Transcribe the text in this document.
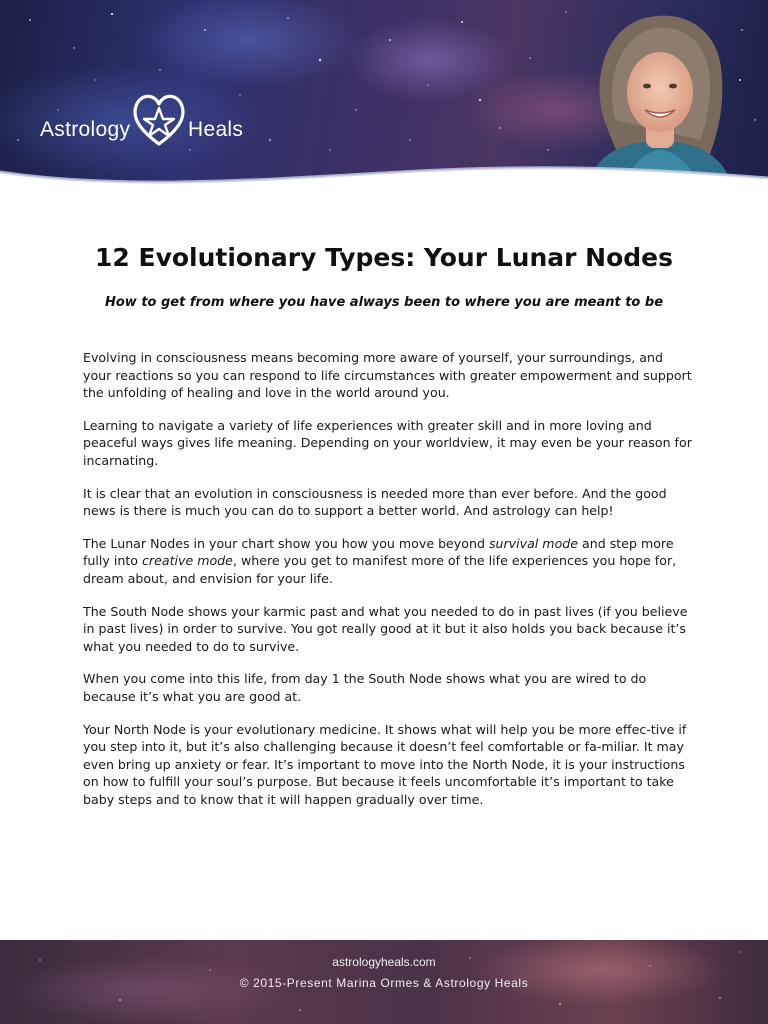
Astrology	Heals
12 Evolutionary Types: Your Lunar Nodes

How to get from where you have always been to where you are meant to be

Evolving in consciousness means becoming more aware of yourself, your surroundings, and your reactions so you can respond to life circumstances with greater empowerment and support the unfolding of healing and love in the world around you.

Learning to navigate a variety of life experiences with greater skill and in more loving and peaceful ways gives life meaning. Depending on your worldview, it may even be your reason for incarnating.

It is clear that an evolution in consciousness is needed more than ever before. And the good news is there is much you can do to support a better world. And astrology can help!

The Lunar Nodes in your chart show you how you move beyond survival mode and step more fully into creative mode, where you get to manifest more of the life experiences you hope for, dream about, and envision for your life.

The South Node shows your karmic past and what you needed to do in past lives (if you believe in past lives) in order to survive. You got really good at it but it also holds you back because it’s what you needed to do to survive.

When you come into this life, from day 1 the South Node shows what you are wired to do because it’s what you are good at.

Your North Node is your evolutionary medicine. It shows what will help you be more effec-tive if you step into it, but it’s also challenging because it doesn’t feel comfortable or fa-miliar. It may even bring up anxiety or fear. It’s important to move into the North Node, it is your instructions on how to fulfill your soul’s purpose. But because it feels uncomfortable it’s important to take baby steps and to know that it will happen gradually over time.

astrologyheals.com
© 2015-Present Marina Ormes & Astrology Heals
